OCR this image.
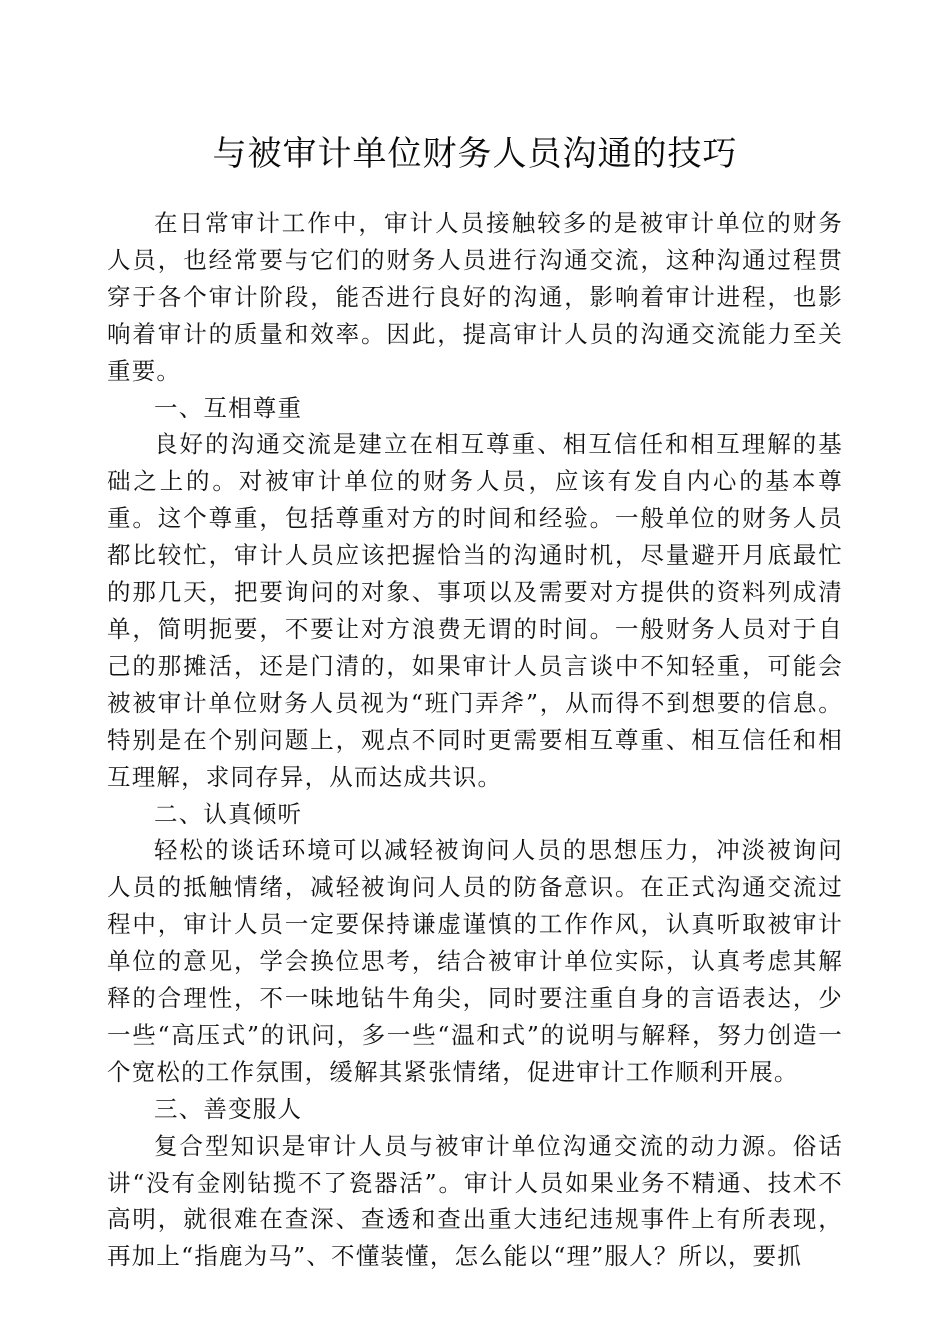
与被审计单位财务人员沟通的技巧

在日常审计工作中，审计人员接触较多的是被审计单位的财务人员，也经常要与它们的财务人员进行沟通交流，这种沟通过程贯穿于各个审计阶段，能否进行良好的沟通，影响着审计进程，也影响着审计的质量和效率。因此，提高审计人员的沟通交流能力至关重要。

一、互相尊重

良好的沟通交流是建立在相互尊重、相互信任和相互理解的基础之上的。对被审计单位的财务人员，应该有发自内心的基本尊重。这个尊重，包括尊重对方的时间和经验。一般单位的财务人员都比较忙，审计人员应该把握恰当的沟通时机，尽量避开月底最忙的那几天，把要询问的对象、事项以及需要对方提供的资料列成清单，简明扼要，不要让对方浪费无谓的时间。一般财务人员对于自己的那摊活，还是门清的，如果审计人员言谈中不知轻重，可能会被被审计单位财务人员视为“班门弄斧”，从而得不到想要的信息。特别是在个别问题上，观点不同时更需要相互尊重、相互信任和相互理解，求同存异，从而达成共识。

二、认真倾听

轻松的谈话环境可以减轻被询问人员的思想压力，冲淡被询问人员的抵触情绪，减轻被询问人员的防备意识。在正式沟通交流过程中，审计人员一定要保持谦虚谨慎的工作作风，认真听取被审计单位的意见，学会换位思考，结合被审计单位实际，认真考虑其解释的合理性，不一味地钻牛角尖，同时要注重自身的言语表达，少一些“高压式”的讯问，多一些“温和式”的说明与解释，努力创造一个宽松的工作氛围，缓解其紧张情绪，促进审计工作顺利开展。

三、善变服人

复合型知识是审计人员与被审计单位沟通交流的动力源。俗话讲“没有金刚钻揽不了瓷器活”。审计人员如果业务不精通、技术不高明，就很难在查深、查透和查出重大违纪违规事件上有所表现，再加上“指鹿为马”、不懂装懂，怎么能以“理”服人？所以，要抓
